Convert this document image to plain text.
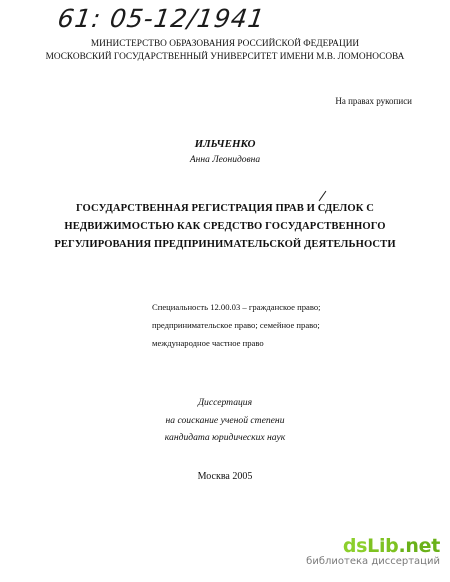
61: 05-12/1941
МИНИСТЕРСТВО ОБРАЗОВАНИЯ РОССИЙСКОЙ ФЕДЕРАЦИИ
МОСКОВСКИЙ ГОСУДАРСТВЕННЫЙ УНИВЕРСИТЕТ ИМЕНИ М.В. ЛОМОНОСОВА
На правах рукописи
ИЛЬЧЕНКО
Анна Леонидовна
ГОСУДАРСТВЕННАЯ РЕГИСТРАЦИЯ ПРАВ И СДЕЛОК С
НЕДВИЖИМОСТЬЮ КАК СРЕДСТВО ГОСУДАРСТВЕННОГО
РЕГУЛИРОВАНИЯ ПРЕДПРИНИМАТЕЛЬСКОЙ ДЕЯТЕЛЬНОСТИ
Специальность 12.00.03 – гражданское право;
предпринимательское право; семейное право;
международное частное право
Диссертация
на соискание ученой степени
кандидата юридических наук
Москва 2005
dsLib.net
библиотека диссертаций
